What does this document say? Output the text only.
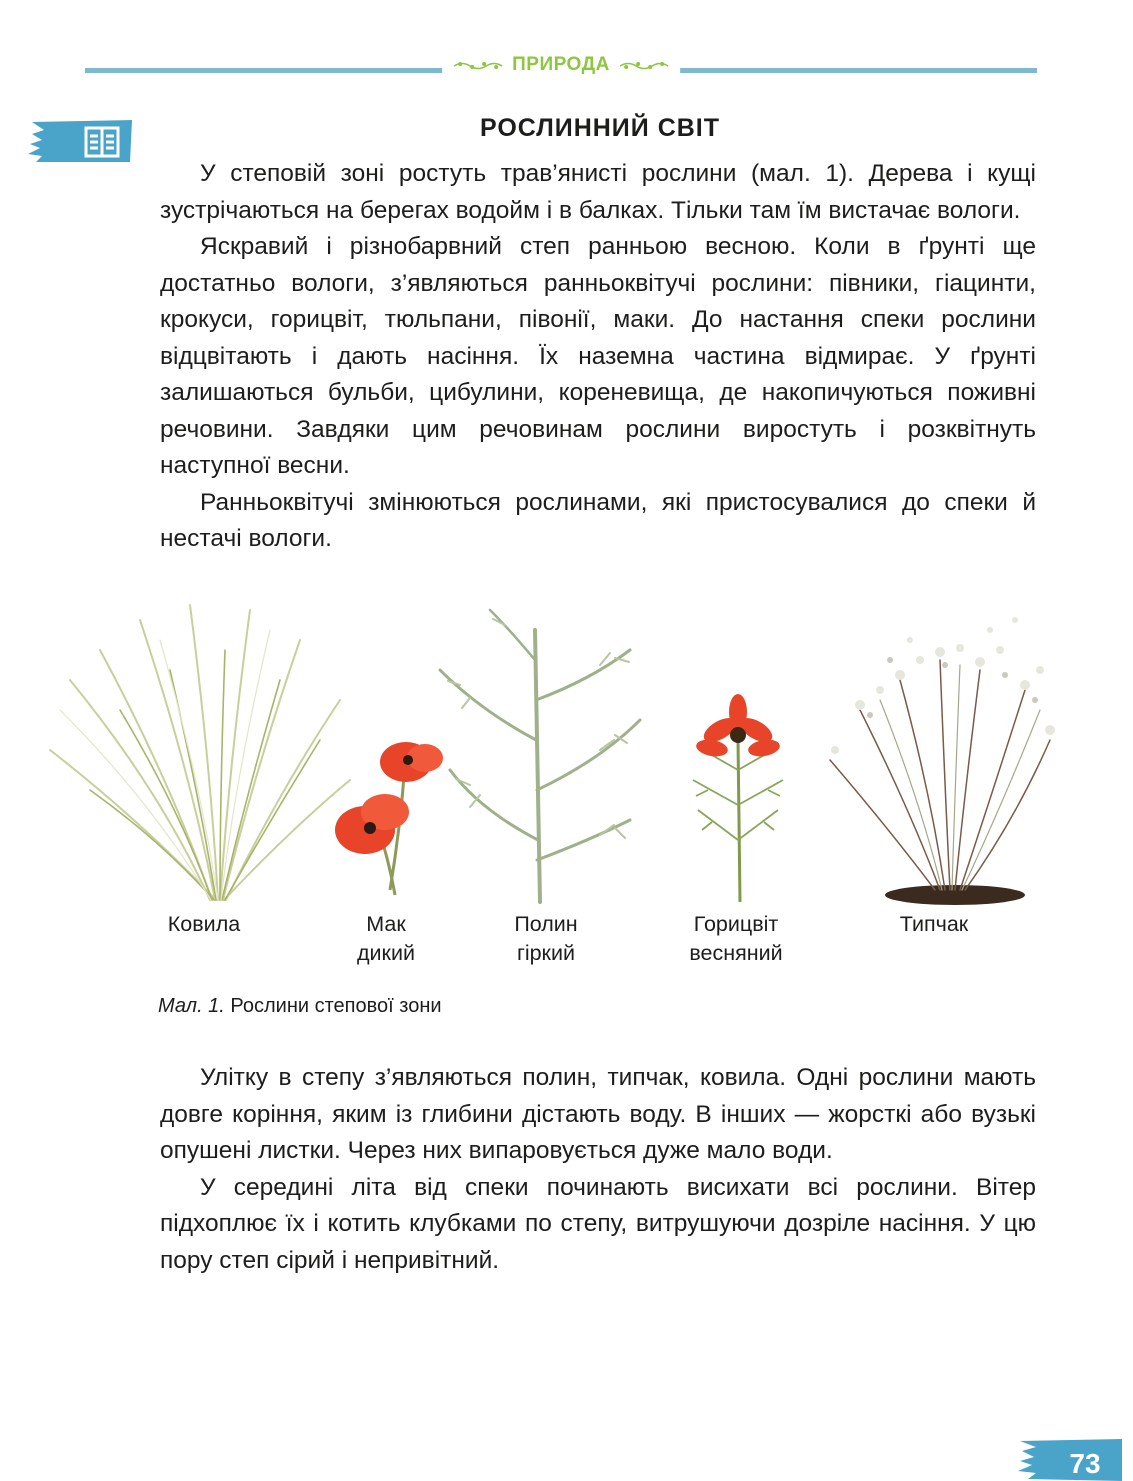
ПРИРОДА
РОСЛИННИЙ СВІТ

У степовій зоні ростуть трав’янисті рослини (мал. 1). Дерева і кущі зустрічаються на берегах водойм і в балках. Тільки там їм вистачає вологи.

Яскравий і різнобарвний степ ранньою весною. Коли в ґрунті ще достатньо вологи, з’являються ранньоквітучі рослини: півники, гіацинти, крокуси, горицвіт, тюльпани, півонії, маки. До настання спеки рослини відцвітають і дають насіння. Їх наземна частина відмирає. У ґрунті залишаються бульби, цибулини, кореневища, де накопичуються поживні речовини. Завдяки цим речовинам рослини виростуть і розквітнуть наступної весни.

Ранньоквітучі змінюються рослинами, які пристосувалися до спеки й нестачі вологи.

Ковила	Мак
дикий
Полин
гіркий
Горицвіт
весняний
Типчак
Мал. 1. Рослини степової зони

Улітку в степу з’являються полин, типчак, ковила. Одні рослини мають довге коріння, яким із глибини дістають воду. В інших — жорсткі або вузькі опушені листки. Через них випаровується дуже мало води.

У середині літа від спеки починають висихати всі рослини. Вітер підхоплює їх і котить клубками по степу, витрушуючи дозріле насіння. У цю пору степ сірий і непривітний.

73
